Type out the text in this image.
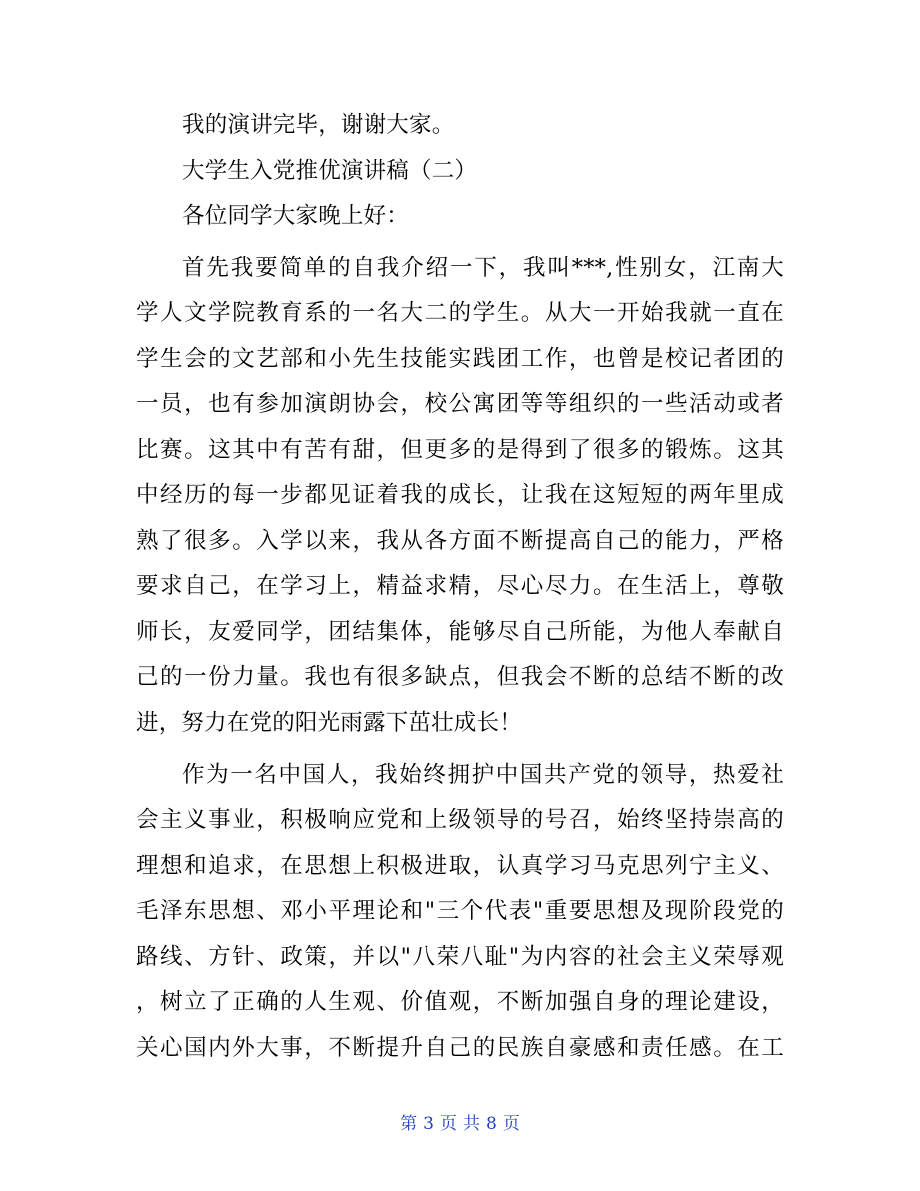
我的演讲完毕，谢谢大家。
大学生入党推优演讲稿（二）
各位同学大家晚上好：
首先我要简单的自我介绍一下，我叫***,性别女，江南大
学人文学院教育系的一名大二的学生。从大一开始我就一直在
学生会的文艺部和小先生技能实践团工作，也曾是校记者团的
一员，也有参加演朗协会，校公寓团等等组织的一些活动或者
比赛。这其中有苦有甜，但更多的是得到了很多的锻炼。这其
中经历的每一步都见证着我的成长，让我在这短短的两年里成
熟了很多。入学以来，我从各方面不断提高自己的能力，严格
要求自己，在学习上，精益求精，尽心尽力。在生活上，尊敬
师长，友爱同学，团结集体，能够尽自己所能，为他人奉献自
己的一份力量。我也有很多缺点，但我会不断的总结不断的改
进，努力在党的阳光雨露下茁壮成长！
作为一名中国人，我始终拥护中国共产党的领导，热爱社
会主义事业，积极响应党和上级领导的号召，始终坚持崇高的
理想和追求，在思想上积极进取，认真学习马克思列宁主义、
毛泽东思想、邓小平理论和"三个代表"重要思想及现阶段党的
路线、方针、政策，并以"八荣八耻"为内容的社会主义荣辱观
，树立了正确的人生观、价值观，不断加强自身的理论建设，
关心国内外大事，不断提升自己的民族自豪感和责任感。在工
第 3 页 共 8 页
